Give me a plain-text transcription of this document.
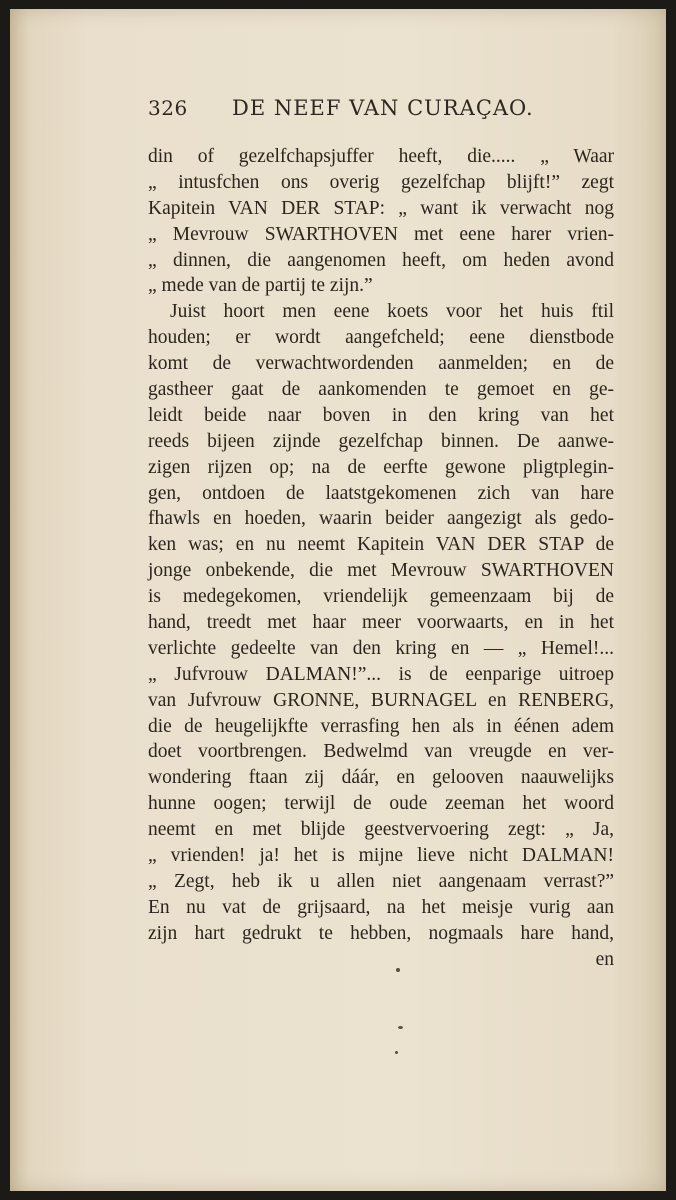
326 DE NEEF VAN CURAÇAO.
din of gezelfchapsjuffer heeft, die..... „ Waar
„ intusfchen ons overig gezelfchap blijft!” zegt
Kapitein VAN DER STAP: „ want ik verwacht nog
„ Mevrouw SWARTHOVEN met eene harer vrien-
„ dinnen, die aangenomen heeft, om heden avond
„ mede van de partij te zijn.”
Juist hoort men eene koets voor het huis ftil
houden; er wordt aangefcheld; eene dienstbode
komt de verwachtwordenden aanmelden; en de
gastheer gaat de aankomenden te gemoet en ge-
leidt beide naar boven in den kring van het
reeds bijeen zijnde gezelfchap binnen. De aanwe-
zigen rijzen op; na de eerfte gewone pligtplegin-
gen, ontdoen de laatstgekomenen zich van hare
fhawls en hoeden, waarin beider aangezigt als gedo-
ken was; en nu neemt Kapitein VAN DER STAP de
jonge onbekende, die met Mevrouw SWARTHOVEN
is medegekomen, vriendelijk gemeenzaam bij de
hand, treedt met haar meer voorwaarts, en in het
verlichte gedeelte van den kring en — „ Hemel!...
„ Jufvrouw DALMAN!”... is de eenparige uitroep
van Jufvrouw GRONNE, BURNAGEL en RENBERG,
die de heugelijkfte verrasfing hen als in éénen adem
doet voortbrengen. Bedwelmd van vreugde en ver-
wondering ftaan zij dáár, en gelooven naauwelijks
hunne oogen; terwijl de oude zeeman het woord
neemt en met blijde geestvervoering zegt: „ Ja,
„ vrienden! ja! het is mijne lieve nicht DALMAN!
„ Zegt, heb ik u allen niet aangenaam verrast?”
En nu vat de grijsaard, na het meisje vurig aan
zijn hart gedrukt te hebben, nogmaals hare hand,
en
